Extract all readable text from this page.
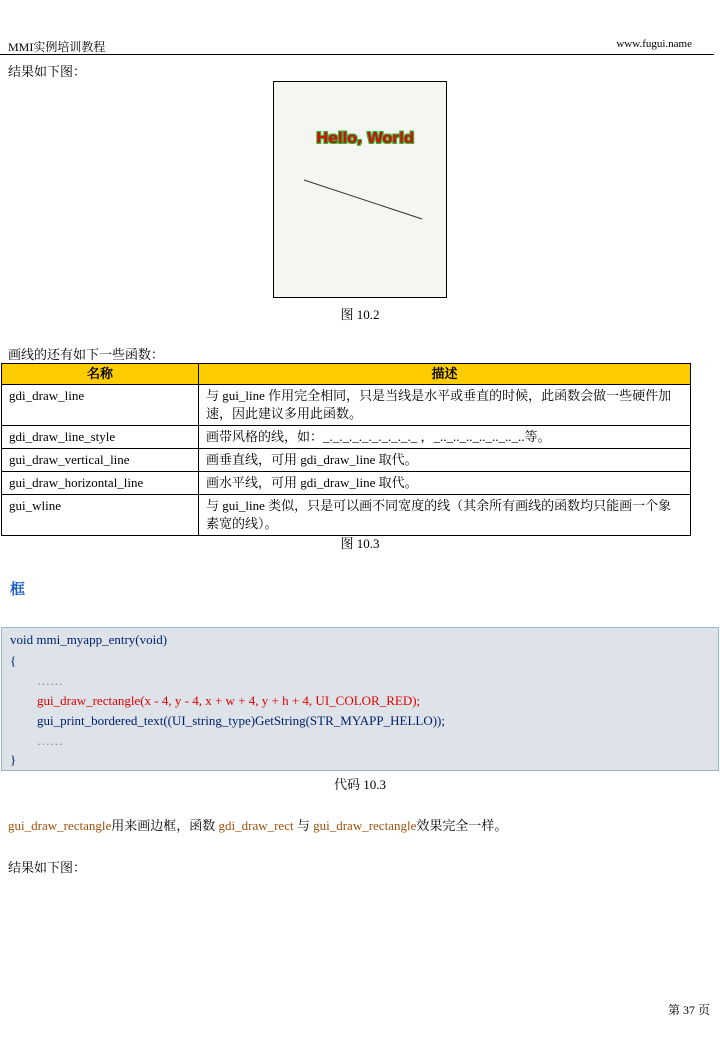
MMI实例培训教程	www.fugui.name
结果如下图：
Hello, World
图 10.2
画线的还有如下一些函数：
名称	描述
gdi_draw_line	与 gui_line 作用完全相同，只是当线是水平或垂直的时候，此函数会做一些硬件加速，因此建议多用此函数。
gdi_draw_line_style	画带风格的线，如：_._._._._._._._._._ ，_.._.._.._.._.._.._..等。
gui_draw_vertical_line	画垂直线，可用 gdi_draw_line 取代。
gui_draw_horizontal_line	画水平线，可用 gdi_draw_line 取代。
gui_wline	与 gui_line 类似，只是可以画不同宽度的线（其余所有画线的函数均只能画一个象素宽的线）。
图 10.3
框
void mmi_myapp_entry(void)
{
……
gui_draw_rectangle(x - 4, y - 4, x + w + 4, y + h + 4, UI_COLOR_RED);
gui_print_bordered_text((UI_string_type)GetString(STR_MYAPP_HELLO));
……
}
代码 10.3
gui_draw_rectangle用来画边框，函数 gdi_draw_rect 与 gui_draw_rectangle效果完全一样。
结果如下图：
第 37 页
